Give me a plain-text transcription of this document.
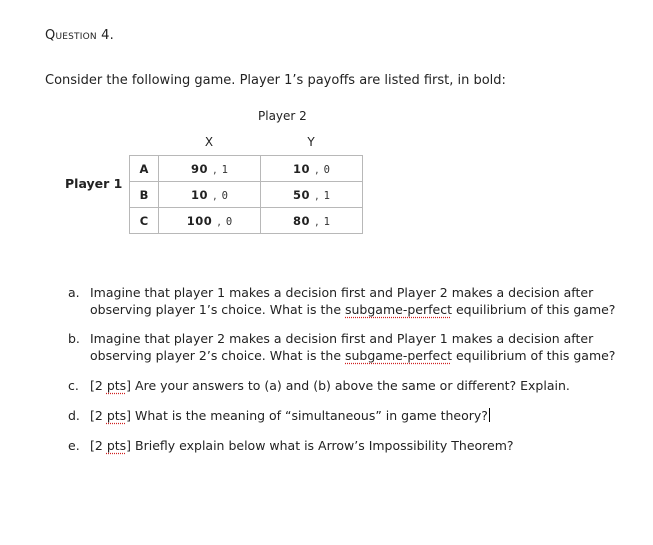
Question 4.
Consider the following game. Player 1’s payoffs are listed first, in bold:
Player 2
X	Y
Player 1
A	90 , 1	10 , 0
B	10 , 0	50 , 1
C	100 , 0	80 , 1
a. Imagine that player 1 makes a decision first and Player 2 makes a decision after observing player 1’s choice. What is the subgame-perfect equilibrium of this game?
b. Imagine that player 2 makes a decision first and Player 1 makes a decision after observing player 2’s choice. What is the subgame-perfect equilibrium of this game?
c. [2 pts] Are your answers to (a) and (b) above the same or different? Explain.
d. [2 pts] What is the meaning of “simultaneous” in game theory?
e. [2 pts] Briefly explain below what is Arrow’s Impossibility Theorem?
